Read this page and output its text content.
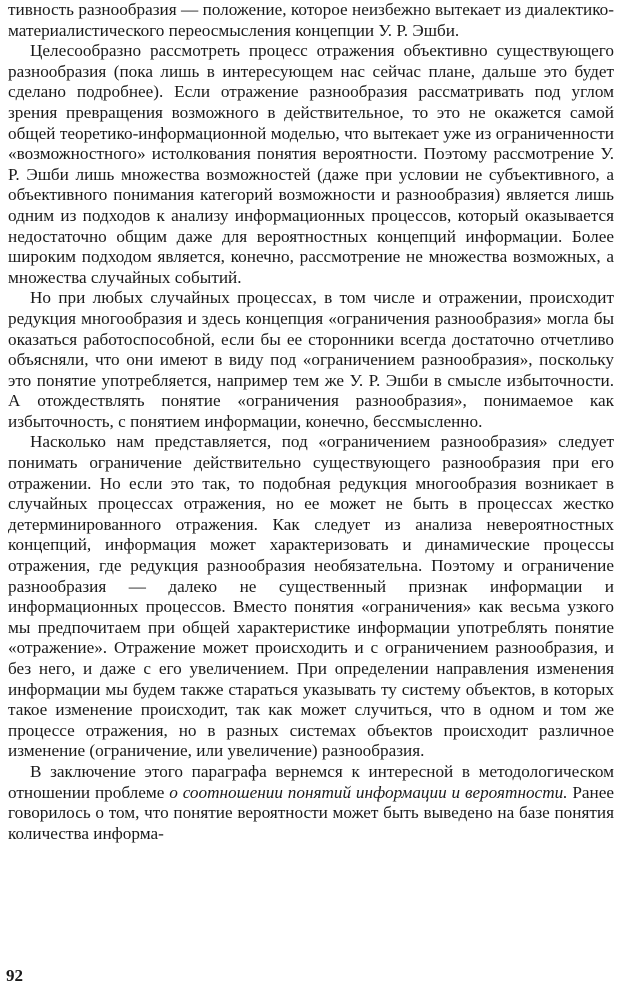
тивность разнообразия — положение, которое неизбежно вытекает из диалектико-материалистического переосмысления концепции У. Р. Эшби.

Целесообразно рассмотреть процесс отражения объективно существующего разнообразия (пока лишь в интересующем нас сейчас плане, дальше это будет сделано подробнее). Если отражение разнообразия рассматривать под углом зрения превращения возможного в действительное, то это не окажется самой общей теоретико-информационной моделью, что вытекает уже из ограниченности «возможностного» истолкования понятия вероятности. Поэтому рассмотрение У. Р. Эшби лишь множества возможностей (даже при условии не субъективного, а объективного понимания категорий возможности и разнообразия) является лишь одним из подходов к анализу информационных процессов, который оказывается недостаточно общим даже для вероятностных концепций информации. Более широким подходом является, конечно, рассмотрение не множества возможных, а множества случайных событий.

Но при любых случайных процессах, в том числе и отражении, происходит редукция многообразия и здесь концепция «ограничения разнообразия» могла бы оказаться работоспособной, если бы ее сторонники всегда достаточно отчетливо объясняли, что они имеют в виду под «ограничением разнообразия», поскольку это понятие употребляется, например тем же У. Р. Эшби в смысле избыточности. А отождествлять понятие «ограничения разнообразия», понимаемое как избыточность, с понятием информации, конечно, бессмысленно.

Насколько нам представляется, под «ограничением разнообразия» следует понимать ограничение действительно существующего разнообразия при его отражении. Но если это так, то подобная редукция многообразия возникает в случайных процессах отражения, но ее может не быть в процессах жестко детерминированного отражения. Как следует из анализа невероятностных концепций, информация может характеризовать и динамические процессы отражения, где редукция разнообразия необязательна. Поэтому и ограничение разнообразия — далеко не существенный признак информации и информационных процессов. Вместо понятия «ограничения» как весьма узкого мы предпочитаем при общей характеристике информации употреблять понятие «отражение». Отражение может происходить и с ограничением разнообразия, и без него, и даже с его увеличением. При определении направления изменения информации мы будем также стараться указывать ту систему объектов, в которых такое изменение происходит, так как может случиться, что в одном и том же процессе отражения, но в разных системах объектов происходит различное изменение (ограничение, или увеличение) разнообразия.

В заключение этого параграфа вернемся к интересной в методологическом отношении проблеме о соотношении понятий информации и вероятности. Ранее говорилось о том, что понятие вероятности может быть выведено на базе понятия количества информа-

92
